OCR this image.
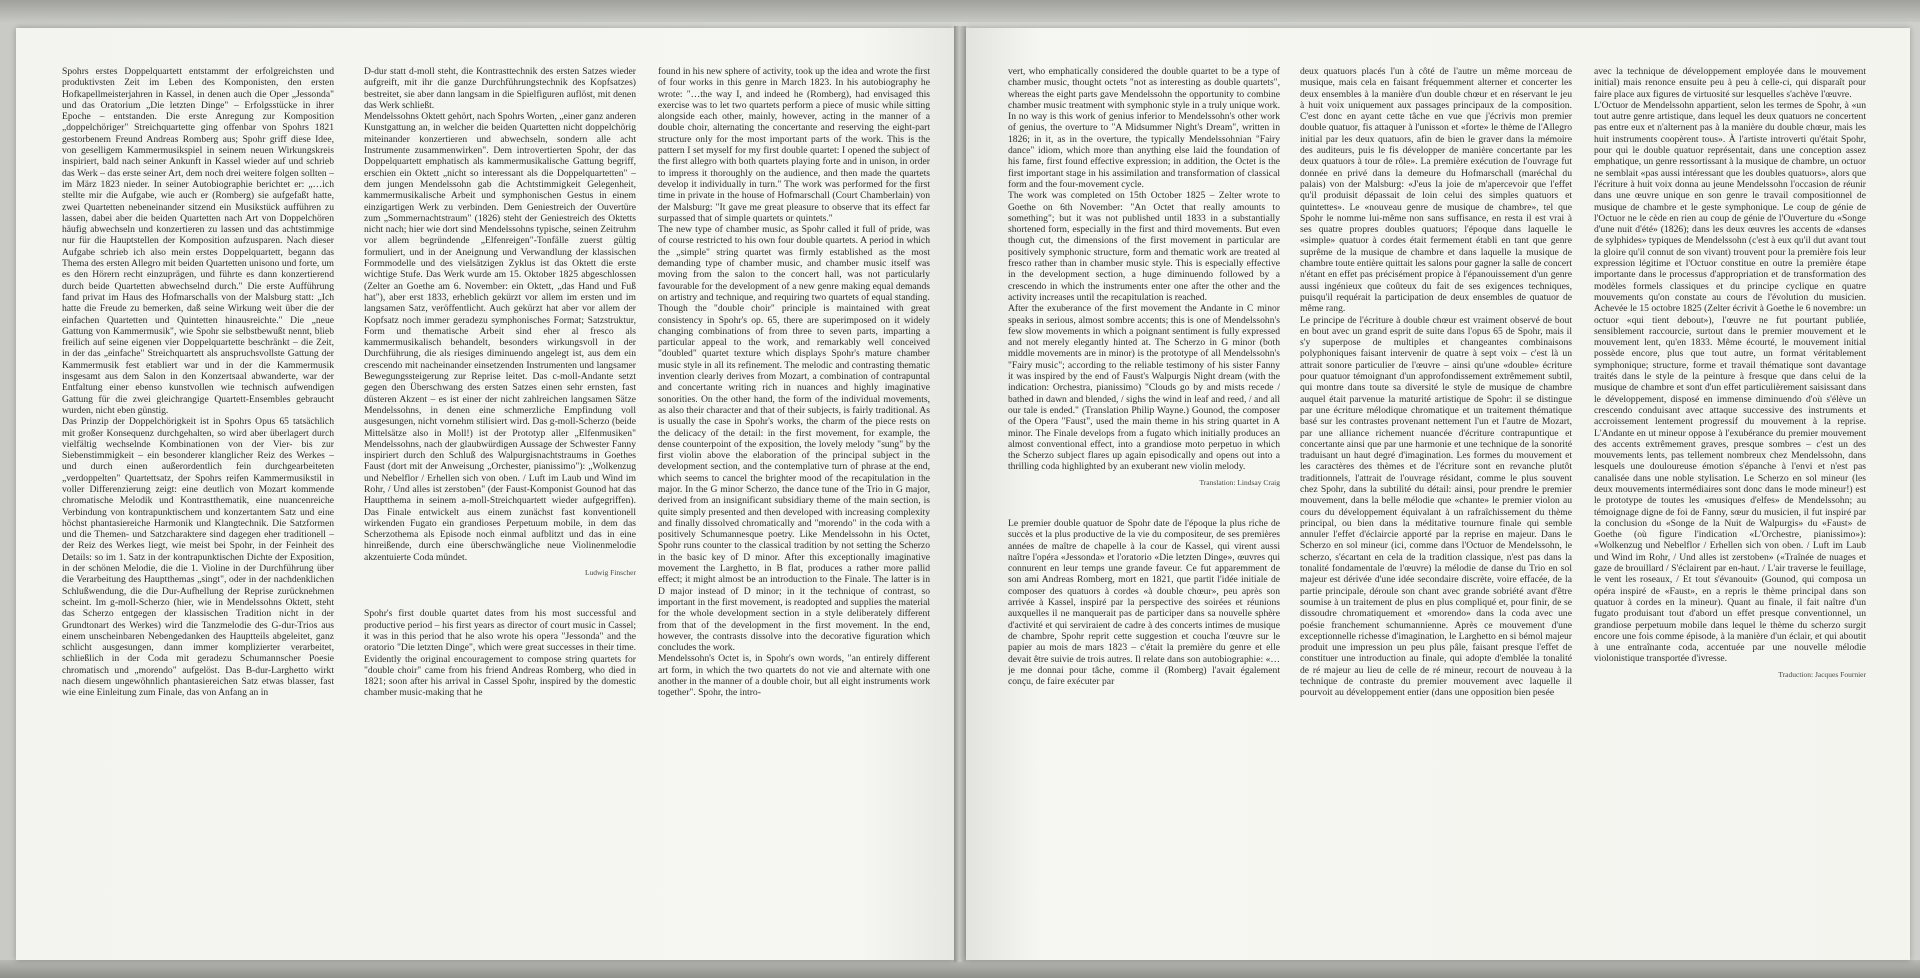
Spohrs erstes Doppelquartett entstammt der erfolgreichsten und produktivsten Zeit im Leben des Komponisten, den ersten Hofkapellmeisterjahren in Kassel, in denen auch die Oper „Jessonda" und das Oratorium „Die letzten Dinge" – Erfolgsstücke in ihrer Epoche – entstanden. Die erste Anregung zur Komposition „doppelchöriger" Streichquartette ging offenbar von Spohrs 1821 gestorbenem Freund Andreas Romberg aus; Spohr griff diese Idee, von geselligem Kammermusikspiel in seinem neuen Wirkungskreis inspiriert, bald nach seiner Ankunft in Kassel wieder auf und schrieb das Werk – das erste seiner Art, dem noch drei weitere folgen sollten – im März 1823 nieder. In seiner Autobiographie berichtet er: „…ich stellte mir die Aufgabe, wie auch er (Romberg) sie aufgefaßt hatte, zwei Quartetten nebeneinander sitzend ein Musikstück aufführen zu lassen, dabei aber die beiden Quartetten nach Art von Doppelchören häufig abwechseln und konzertieren zu lassen und das achtstimmige nur für die Hauptstellen der Komposition aufzusparen. Nach dieser Aufgabe schrieb ich also mein erstes Doppelquartett, begann das Thema des ersten Allegro mit beiden Quartetten unisono und forte, um es den Hörern recht einzuprägen, und führte es dann konzertierend durch beide Quartetten abwechselnd durch." Die erste Aufführung fand privat im Haus des Hofmarschalls von der Malsburg statt: „Ich hatte die Freude zu bemerken, daß seine Wirkung weit über die der einfachen Quartetten und Quintetten hinausreichte." Die „neue Gattung von Kammermusik", wie Spohr sie selbstbewußt nennt, blieb freilich auf seine eigenen vier Doppelquartette beschränkt – die Zeit, in der das „einfache" Streichquartett als anspruchsvollste Gattung der Kammermusik fest etabliert war und in der die Kammermusik insgesamt aus dem Salon in den Konzertsaal abwanderte, war der Entfaltung einer ebenso kunstvollen wie technisch aufwendigen Gattung für die zwei gleichrangige Quartett-Ensembles gebraucht wurden, nicht eben günstig.

Das Prinzip der Doppelchörigkeit ist in Spohrs Opus 65 tatsächlich mit großer Konsequenz durchgehalten, so wird aber überlagert durch vielfältig wechselnde Kombinationen von der Vier- bis zur Siebenstimmigkeit – ein besonderer klanglicher Reiz des Werkes – und durch einen außerordentlich fein durchgearbeiteten „verdoppelten" Quartettsatz, der Spohrs reifen Kammermusikstil in voller Differenzierung zeigt: eine deutlich von Mozart kommende chromatische Melodik und Kontrastthematik, eine nuancenreiche Verbindung von kontrapunktischem und konzertantem Satz und eine höchst phantasiereiche Harmonik und Klangtechnik. Die Satzformen und die Themen- und Satzcharaktere sind dagegen eher traditionell – der Reiz des Werkes liegt, wie meist bei Spohr, in der Feinheit des Details: so im 1. Satz in der kontrapunktischen Dichte der Exposition, in der schönen Melodie, die die 1. Violine in der Durchführung über die Verarbeitung des Hauptthemas „singt", oder in der nachdenklichen Schlußwendung, die die Dur-Aufhellung der Reprise zurücknehmen scheint. Im g-moll-Scherzo (hier, wie in Mendelssohns Oktett, steht das Scherzo entgegen der klassischen Tradition nicht in der Grundtonart des Werkes) wird die Tanzmelodie des G-dur-Trios aus einem unscheinbaren Nebengedanken des Hauptteils abgeleitet, ganz schlicht ausgesungen, dann immer komplizierter verarbeitet, schließlich in der Coda mit geradezu Schumannscher Poesie chromatisch und „morendo" aufgelöst. Das B-dur-Larghetto wirkt nach diesem ungewöhnlich phantasiereichen Satz etwas blasser, fast wie eine Einleitung zum Finale, das von Anfang an in

D-dur statt d-moll steht, die Kontrasttechnik des ersten Satzes wieder aufgreift, mit ihr die ganze Durchführungstechnik des Kopfsatzes) bestreitet, sie aber dann langsam in die Spielfiguren auflöst, mit denen das Werk schließt.

Mendelssohns Oktett gehört, nach Spohrs Worten, „einer ganz anderen Kunstgattung an, in welcher die beiden Quartetten nicht doppelchörig miteinander konzertieren und abwechseln, sondern alle acht Instrumente zusammenwirken". Dem introvertierten Spohr, der das Doppelquartett emphatisch als kammermusikalische Gattung begriff, erschien ein Oktett „nicht so interessant als die Doppelquartetten" – dem jungen Mendelssohn gab die Achtstimmigkeit Gelegenheit, kammermusikalische Arbeit und symphonischen Gestus in einem einzigartigen Werk zu verbinden. Dem Geniestreich der Ouvertüre zum „Sommernachtstraum" (1826) steht der Geniestreich des Oktetts nicht nach; hier wie dort sind Mendelssohns typische, seinen Zeitruhm vor allem begründende „Elfenreigen"-Tonfälle zuerst gültig formuliert, und in der Aneignung und Verwandlung der klassischen Formmodelle und des vielsätzigen Zyklus ist das Oktett die erste wichtige Stufe. Das Werk wurde am 15. Oktober 1825 abgeschlossen (Zelter an Goethe am 6. November: ein Oktett, „das Hand und Fuß hat"), aber erst 1833, erheblich gekürzt vor allem im ersten und im langsamen Satz, veröffentlicht. Auch gekürzt hat aber vor allem der Kopfsatz noch immer geradezu symphonisches Format; Satzstruktur, Form und thematische Arbeit sind eher al fresco als kammermusikalisch behandelt, besonders wirkungsvoll in der Durchführung, die als riesiges diminuendo angelegt ist, aus dem ein crescendo mit nacheinander einsetzenden Instrumenten und langsamer Bewegungssteigerung zur Reprise leitet. Das c-moll-Andante setzt gegen den Überschwang des ersten Satzes einen sehr ernsten, fast düsteren Akzent – es ist einer der nicht zahlreichen langsamen Sätze Mendelssohns, in denen eine schmerzliche Empfindung voll ausgesungen, nicht vornehm stilisiert wird. Das g-moll-Scherzo (beide Mittelsätze also in Moll!) ist der Prototyp aller „Elfenmusiken" Mendelssohns, nach der glaubwürdigen Aussage der Schwester Fanny inspiriert durch den Schluß des Walpurgisnachtstraums in Goethes Faust (dort mit der Anweisung „Orchester, pianissimo"): „Wolkenzug und Nebelflor / Erhellen sich von oben. / Luft im Laub und Wind im Rohr, / Und alles ist zerstoben" (der Faust-Komponist Gounod hat das Hauptthema in seinem a-moll-Streichquartett wieder aufgegriffen). Das Finale entwickelt aus einem zunächst fast konventionell wirkenden Fugato ein grandioses Perpetuum mobile, in dem das Scherzothema als Episode noch einmal aufblitzt und das in eine hinreißende, durch eine überschwängliche neue Violinenmelodie akzentuierte Coda mündet.

Ludwig Finscher

Spohr's first double quartet dates from his most successful and productive period – his first years as director of court music in Cassel; it was in this period that he also wrote his opera "Jessonda" and the oratorio "Die letzten Dinge", which were great successes in their time. Evidently the original encouragement to compose string quartets for "double choir" came from his friend Andreas Romberg, who died in 1821; soon after his arrival in Cassel Spohr, inspired by the domestic chamber music-making that he

found in his new sphere of activity, took up the idea and wrote the first of four works in this genre in March 1823. In his autobiography he wrote: "…the way I, and indeed he (Romberg), had envisaged this exercise was to let two quartets perform a piece of music while sitting alongside each other, mainly, however, acting in the manner of a double choir, alternating the concertante and reserving the eight-part structure only for the most important parts of the work. This is the pattern I set myself for my first double quartet: I opened the subject of the first allegro with both quartets playing forte and in unison, in order to impress it thoroughly on the audience, and then made the quartets develop it individually in turn." The work was performed for the first time in private in the house of Hofmarschall (Court Chamberlain) von der Malsburg: "It gave me great pleasure to observe that its effect far surpassed that of simple quartets or quintets."

The new type of chamber music, as Spohr called it full of pride, was of course restricted to his own four double quartets. A period in which the „simple" string quartet was firmly established as the most demanding type of chamber music, and chamber music itself was moving from the salon to the concert hall, was not particularly favourable for the development of a new genre making equal demands on artistry and technique, and requiring two quartets of equal standing.

Though the "double choir" principle is maintained with great consistency in Spohr's op. 65, there are superimposed on it widely changing combinations of from three to seven parts, imparting a particular appeal to the work, and remarkably well conceived "doubled" quartet texture which displays Spohr's mature chamber music style in all its refinement. The melodic and contrasting thematic invention clearly derives from Mozart, a combination of contrapuntal and concertante writing rich in nuances and highly imaginative sonorities. On the other hand, the form of the individual movements, as also their character and that of their subjects, is fairly traditional. As is usually the case in Spohr's works, the charm of the piece rests on the delicacy of the detail: in the first movement, for example, the dense counterpoint of the exposition, the lovely melody "sung" by the first violin above the elaboration of the principal subject in the development section, and the contemplative turn of phrase at the end, which seems to cancel the brighter mood of the recapitulation in the major. In the G minor Scherzo, the dance tune of the Trio in G major, derived from an insignificant subsidiary theme of the main section, is quite simply presented and then developed with increasing complexity and finally dissolved chromatically and "morendo" in the coda with a positively Schumannesque poetry. Like Mendelssohn in his Octet, Spohr runs counter to the classical tradition by not setting the Scherzo in the basic key of D minor. After this exceptionally imaginative movement the Larghetto, in B flat, produces a rather more pallid effect; it might almost be an introduction to the Finale. The latter is in D major instead of D minor; in it the technique of contrast, so important in the first movement, is readopted and supplies the material for the whole development section in a style deliberately different from that of the development in the first movement. In the end, however, the contrasts dissolve into the decorative figuration which concludes the work.

Mendelssohn's Octet is, in Spohr's own words, "an entirely different art form, in which the two quartets do not vie and alternate with one another in the manner of a double choir, but all eight instruments work together". Spohr, the intro-

vert, who emphatically considered the double quartet to be a type of chamber music, thought octets "not as interesting as double quartets", whereas the eight parts gave Mendelssohn the opportunity to combine chamber music treatment with symphonic style in a truly unique work. In no way is this work of genius inferior to Mendelssohn's other work of genius, the overture to "A Midsummer Night's Dream", written in 1826; in it, as in the overture, the typically Mendelssohnian "Fairy dance" idiom, which more than anything else laid the foundation of his fame, first found effective expression; in addition, the Octet is the first important stage in his assimilation and transformation of classical form and the four-movement cycle.

The work was completed on 15th October 1825 – Zelter wrote to Goethe on 6th November: "An Octet that really amounts to something"; but it was not published until 1833 in a substantially shortened form, especially in the first and third movements. But even though cut, the dimensions of the first movement in particular are positively symphonic structure, form and thematic work are treated al fresco rather than in chamber music style. This is especially effective in the development section, a huge diminuendo followed by a crescendo in which the instruments enter one after the other and the activity increases until the recapitulation is reached.

After the exuberance of the first movement the Andante in C minor speaks in serious, almost sombre accents; this is one of Mendelssohn's few slow movements in which a poignant sentiment is fully expressed and not merely elegantly hinted at. The Scherzo in G minor (both middle movements are in minor) is the prototype of all Mendelssohn's "Fairy music"; according to the reliable testimony of his sister Fanny it was inspired by the end of Faust's Walpurgis Night dream (with the indication: Orchestra, pianissimo) "Clouds go by and mists recede / bathed in dawn and blended, / sighs the wind in leaf and reed, / and all our tale is ended." (Translation Philip Wayne.) Gounod, the composer of the Opera "Faust", used the main theme in his string quartet in A minor. The Finale develops from a fugato which initially produces an almost conventional effect, into a grandiose moto perpetuo in which the Scherzo subject flares up again episodically and opens out into a thrilling coda highlighted by an exuberant new violin melody.

Translation: Lindsay Craig

Le premier double quatuor de Spohr date de l'époque la plus riche de succès et la plus productive de la vie du compositeur, de ses premières années de maître de chapelle à la cour de Kassel, qui virent aussi naître l'opéra «Jessonda» et l'oratorio «Die letzten Dinge», œuvres qui connurent en leur temps une grande faveur. Ce fut apparemment de son ami Andreas Romberg, mort en 1821, que partit l'idée initiale de composer des quatuors à cordes «à double chœur», peu après son arrivée à Kassel, inspiré par la perspective des soirées et réunions auxquelles il ne manquerait pas de participer dans sa nouvelle sphère d'activité et qui serviraient de cadre à des concerts intimes de musique de chambre, Spohr reprit cette suggestion et coucha l'œuvre sur le papier au mois de mars 1823 – c'était la première du genre et elle devait être suivie de trois autres. Il relate dans son autobiographie: «… je me donnai pour tâche, comme il (Romberg) l'avait également conçu, de faire exécuter par

deux quatuors placés l'un à côté de l'autre un même morceau de musique, mais cela en faisant fréquemment alterner et concerter les deux ensembles à la manière d'un double chœur et en réservant le jeu à huit voix uniquement aux passages principaux de la composition. C'est donc en ayant cette tâche en vue que j'écrivis mon premier double quatuor, fis attaquer à l'unisson et «forte» le thème de l'Allegro initial par les deux quatuors, afin de bien le graver dans la mémoire des auditeurs, puis le fis développer de manière concertante par les deux quatuors à tour de rôle». La première exécution de l'ouvrage fut donnée en privé dans la demeure du Hofmarschall (maréchal du palais) von der Malsburg: «J'eus la joie de m'apercevoir que l'effet qu'il produisit dépassait de loin celui des simples quatuors et quintettes». Le «nouveau genre de musique de chambre», tel que Spohr le nomme lui-même non sans suffisance, en resta il est vrai à ses quatre propres doubles quatuors; l'époque dans laquelle le «simple» quatuor à cordes était fermement établi en tant que genre suprême de la musique de chambre et dans laquelle la musique de chambre toute entière quittait les salons pour gagner la salle de concert n'étant en effet pas précisément propice à l'épanouissement d'un genre aussi ingénieux que coûteux du fait de ses exigences techniques, puisqu'il requérait la participation de deux ensembles de quatuor de même rang.

Le principe de l'écriture à double chœur est vraiment observé de bout en bout avec un grand esprit de suite dans l'opus 65 de Spohr, mais il s'y superpose de multiples et changeantes combinaisons polyphoniques faisant intervenir de quatre à sept voix – c'est là un attrait sonore particulier de l'œuvre – ainsi qu'une «double» écriture pour quatuor témoignant d'un approfondissement extrêmement subtil, qui montre dans toute sa diversité le style de musique de chambre auquel était parvenue la maturité artistique de Spohr: il se distingue par une écriture mélodique chromatique et un traitement thématique basé sur les contrastes provenant nettement l'un et l'autre de Mozart, par une alliance richement nuancée d'écriture contrapuntique et concertante ainsi que par une harmonie et une technique de la sonorité traduisant un haut degré d'imagination. Les formes du mouvement et les caractères des thèmes et de l'écriture sont en revanche plutôt traditionnels, l'attrait de l'ouvrage résidant, comme le plus souvent chez Spohr, dans la subtilité du détail: ainsi, pour prendre le premier mouvement, dans la belle mélodie que «chante» le premier violon au cours du développement équivalant à un rafraîchissement du thème principal, ou bien dans la méditative tournure finale qui semble annuler l'effet d'éclaircie apporté par la reprise en majeur. Dans le Scherzo en sol mineur (ici, comme dans l'Octuor de Mendelssohn, le scherzo, s'écartant en cela de la tradition classique, n'est pas dans la tonalité fondamentale de l'œuvre) la mélodie de danse du Trio en sol majeur est dérivée d'une idée secondaire discrète, voire effacée, de la partie principale, déroule son chant avec grande sobriété avant d'être soumise à un traitement de plus en plus compliqué et, pour finir, de se dissoudre chromatiquement et «morendo» dans la coda avec une poésie franchement schumannienne. Après ce mouvement d'une exceptionnelle richesse d'imagination, le Larghetto en si bémol majeur produit une impression un peu plus pâle, faisant presque l'effet de constituer une introduction au finale, qui adopte d'emblée la tonalité de ré majeur au lieu de celle de ré mineur, recourt de nouveau à la technique de contraste du premier mouvement avec laquelle il pourvoit au développement entier (dans une opposition bien pesée

avec la technique de développement employée dans le mouvement initial) mais renonce ensuite peu à peu à celle-ci, qui disparaît pour faire place aux figures de virtuosité sur lesquelles s'achève l'œuvre.

L'Octuor de Mendelssohn appartient, selon les termes de Spohr, à «un tout autre genre artistique, dans lequel les deux quatuors ne concertent pas entre eux et n'alternent pas à la manière du double chœur, mais les huit instruments coopèrent tous». À l'artiste introverti qu'était Spohr, pour qui le double quatuor représentait, dans une conception assez emphatique, un genre ressortissant à la musique de chambre, un octuor ne semblait «pas aussi intéressant que les doubles quatuors», alors que l'écriture à huit voix donna au jeune Mendelssohn l'occasion de réunir dans une œuvre unique en son genre le travail compositionnel de musique de chambre et le geste symphonique. Le coup de génie de l'Octuor ne le cède en rien au coup de génie de l'Ouverture du «Songe d'une nuit d'été» (1826); dans les deux œuvres les accents de «danses de sylphides» typiques de Mendelssohn (c'est à eux qu'il dut avant tout la gloire qu'il connut de son vivant) trouvent pour la première fois leur expression légitime et l'Octuor constitue en outre la première étape importante dans le processus d'appropriation et de transformation des modèles formels classiques et du principe cyclique en quatre mouvements qu'on constate au cours de l'évolution du musicien. Achevée le 15 octobre 1825 (Zelter écrivit à Goethe le 6 novembre: un octuor «qui tient debout»), l'œuvre ne fut pourtant publiée, sensiblement raccourcie, surtout dans le premier mouvement et le mouvement lent, qu'en 1833. Même écourté, le mouvement initial possède encore, plus que tout autre, un format véritablement symphonique; structure, forme et travail thématique sont davantage traités dans le style de la peinture à fresque que dans celui de la musique de chambre et sont d'un effet particulièrement saisissant dans le développement, disposé en immense diminuendo d'où s'élève un crescendo conduisant avec attaque successive des instruments et accroissement lentement progressif du mouvement à la reprise. L'Andante en ut mineur oppose à l'exubérance du premier mouvement des accents extrêmement graves, presque sombres – c'est un des mouvements lents, pas tellement nombreux chez Mendelssohn, dans lesquels une douloureuse émotion s'épanche à l'envi et n'est pas canalisée dans une noble stylisation. Le Scherzo en sol mineur (les deux mouvements intermédiaires sont donc dans le mode mineur!) est le prototype de toutes les «musiques d'elfes» de Mendelssohn; au témoignage digne de foi de Fanny, sœur du musicien, il fut inspiré par la conclusion du «Songe de la Nuit de Walpurgis» du «Faust» de Goethe (où figure l'indication «L'Orchestre, pianissimo»): «Wolkenzug und Nebelflor / Erhellen sich von oben. / Luft im Laub und Wind im Rohr, / Und alles ist zerstoben» («Traînée de nuages et gaze de brouillard / S'éclairent par en-haut. / L'air traverse le feuillage, le vent les roseaux, / Et tout s'évanouit» (Gounod, qui composa un opéra inspiré de «Faust», en a repris le thème principal dans son quatuor à cordes en la mineur). Quant au finale, il fait naître d'un fugato produisant tout d'abord un effet presque conventionnel, un grandiose perpetuum mobile dans lequel le thème du scherzo surgit encore une fois comme épisode, à la manière d'un éclair, et qui aboutit à une entraînante coda, accentuée par une nouvelle mélodie violonistique transportée d'ivresse.

Traduction: Jacques Fournier
